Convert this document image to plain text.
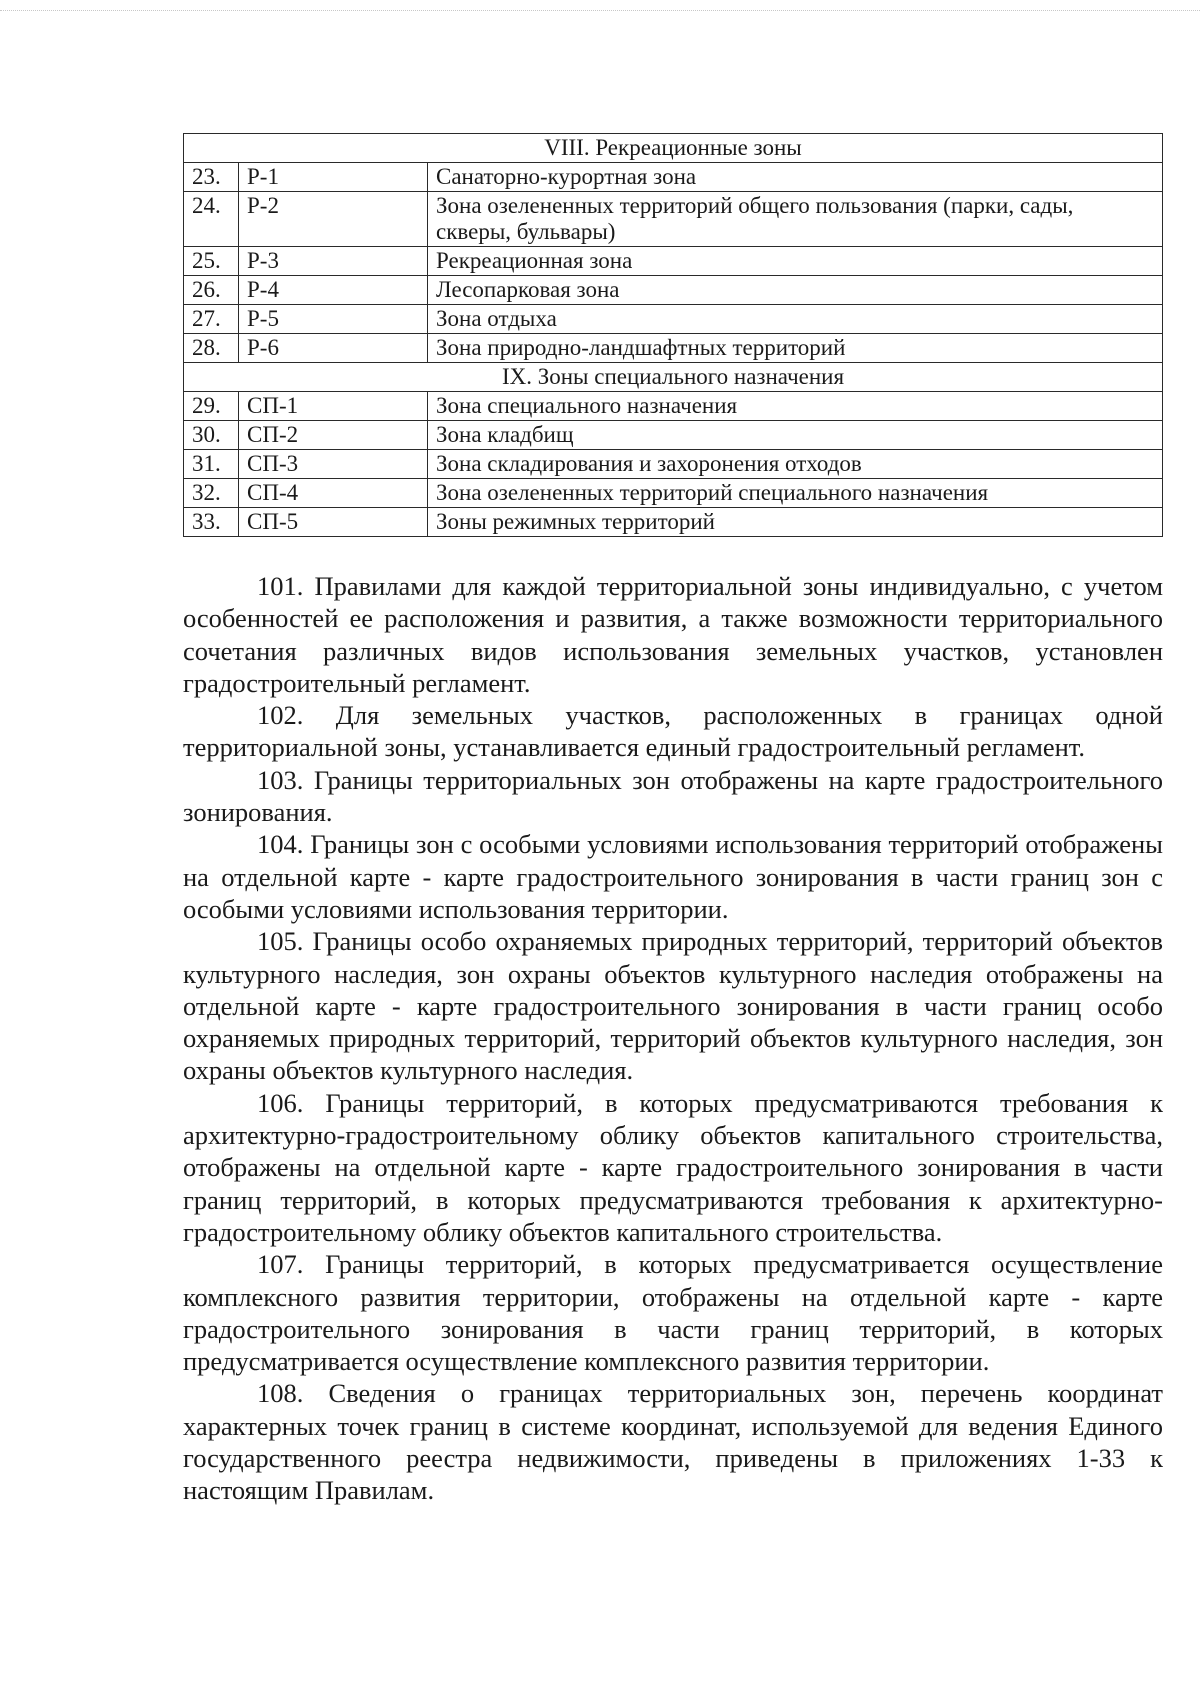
VIII. Рекреационные зоны		
23.	Р-1	Санаторно-курортная зона
24.	Р-2	Зона озелененных территорий общего пользования (парки, сады, скверы, бульвары)
25.	Р-3	Рекреационная зона
26.	Р-4	Лесопарковая зона
27.	Р-5	Зона отдыха
28.	Р-6	Зона природно-ландшафтных территорий
IX. Зоны специального назначения		
29.	СП-1	Зона специального назначения
30.	СП-2	Зона кладбищ
31.	СП-3	Зона складирования и захоронения отходов
32.	СП-4	Зона озелененных территорий специального назначения
33.	СП-5	Зоны режимных территорий

101. Правилами для каждой территориальной зоны индивидуально, с учетом особенностей ее расположения и развития, а также возможности территориального сочетания различных видов использования земельных участков, установлен градостроительный регламент.

102. Для земельных участков, расположенных в границах одной территориальной зоны, устанавливается единый градостроительный регламент.

103. Границы территориальных зон отображены на карте градостроительного зонирования.

104. Границы зон с особыми условиями использования территорий отображены на отдельной карте - карте градостроительного зонирования в части границ зон с особыми условиями использования территории.

105. Границы особо охраняемых природных территорий, территорий объектов культурного наследия, зон охраны объектов культурного наследия отображены на отдельной карте - карте градостроительного зонирования в части границ особо охраняемых природных территорий, территорий объектов культурного наследия, зон охраны объектов культурного наследия.

106. Границы территорий, в которых предусматриваются требования к архитектурно-градостроительному облику объектов капитального строительства, отображены на отдельной карте - карте градостроительного зонирования в части границ территорий, в которых предусматриваются требования к архитектурно-градостроительному облику объектов капитального строительства.

107. Границы территорий, в которых предусматривается осуществление комплексного развития территории, отображены на отдельной карте - карте градостроительного зонирования в части границ территорий, в которых предусматривается осуществление комплексного развития территории.

108. Сведения о границах территориальных зон, перечень координат характерных точек границ в системе координат, используемой для ведения Единого государственного реестра недвижимости, приведены в приложениях 1-33 к настоящим Правилам.
